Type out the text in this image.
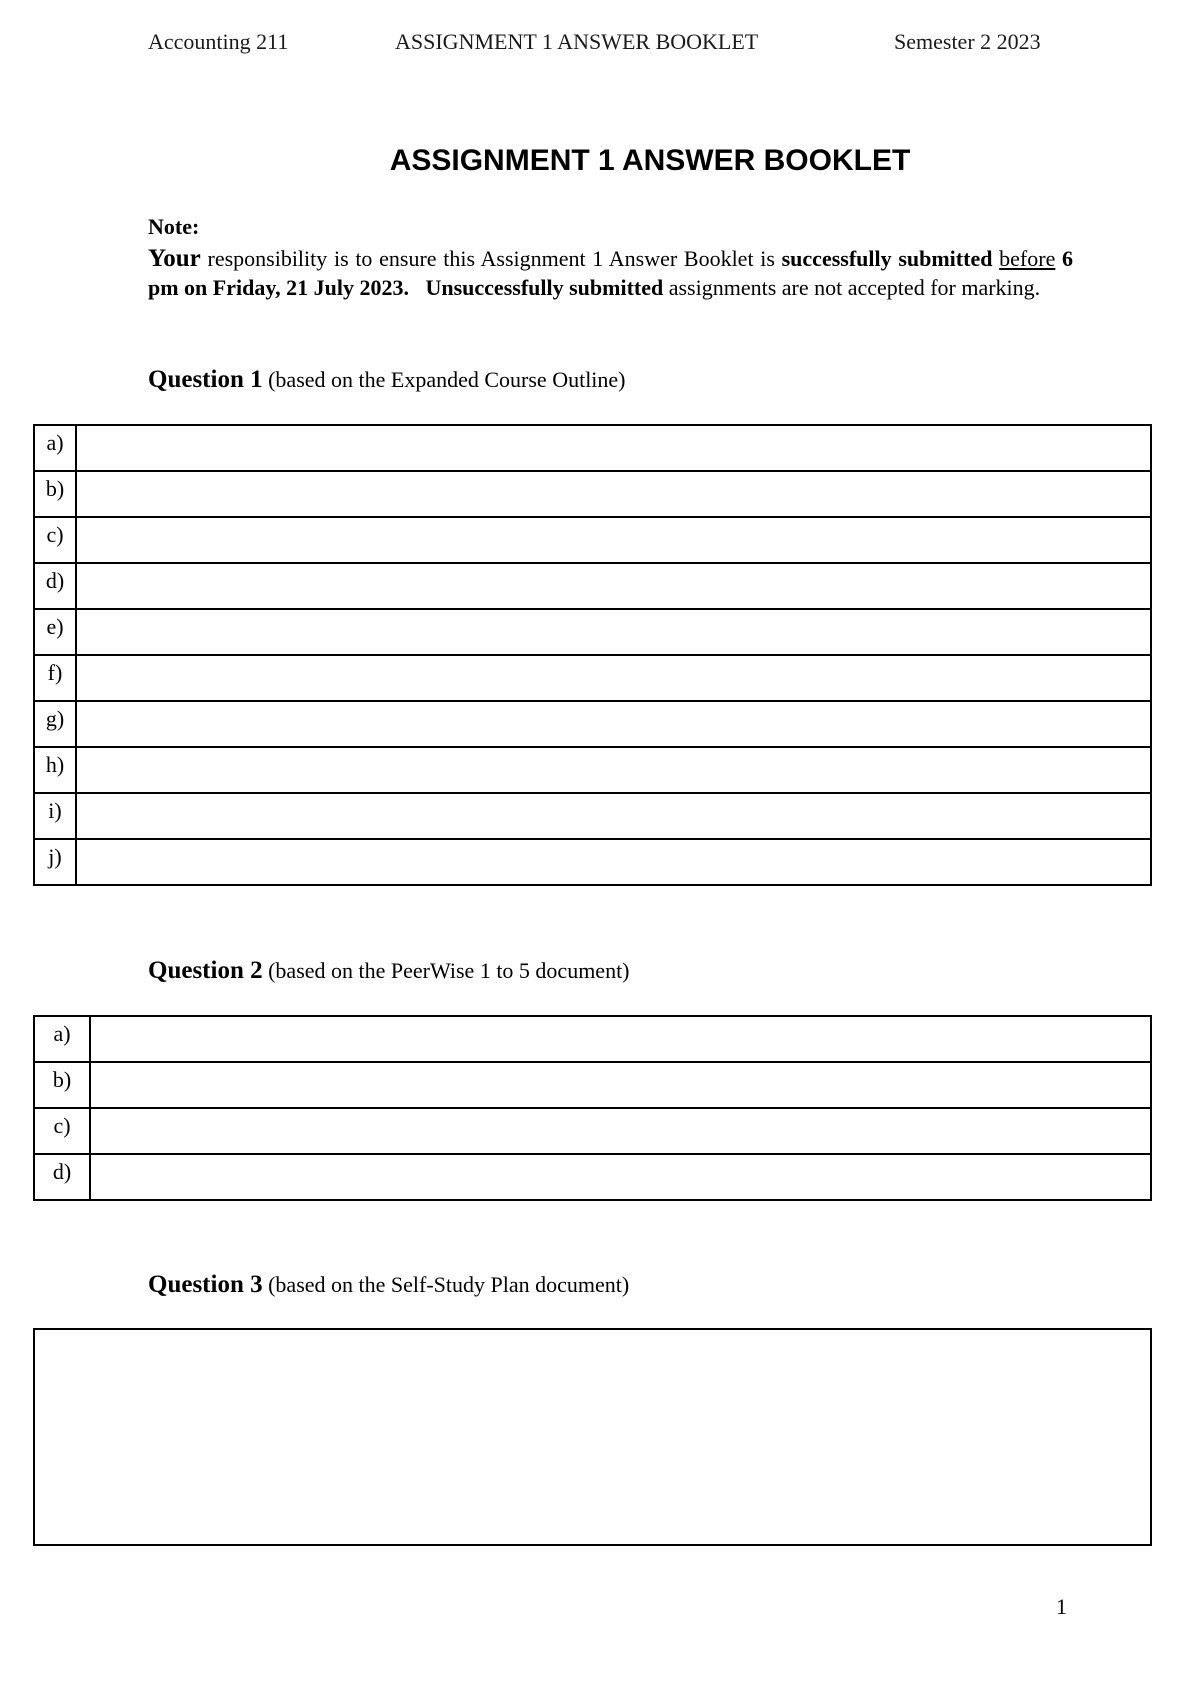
Accounting 211	ASSIGNMENT 1 ANSWER BOOKLET	Semester 2 2023
ASSIGNMENT 1 ANSWER BOOKLET
Note:
Your responsibility is to ensure this Assignment 1 Answer Booklet is successfully submitted before 6 pm on Friday, 21 July 2023. Unsuccessfully submitted assignments are not accepted for marking.
Question 1 (based on the Expanded Course Outline)
a)	
b)	
c)	
d)	
e)	
f)	
g)	
h)	
i)	
j)	
Question 2 (based on the PeerWise 1 to 5 document)
a)	
b)	
c)	
d)	
Question 3 (based on the Self-Study Plan document)
1
